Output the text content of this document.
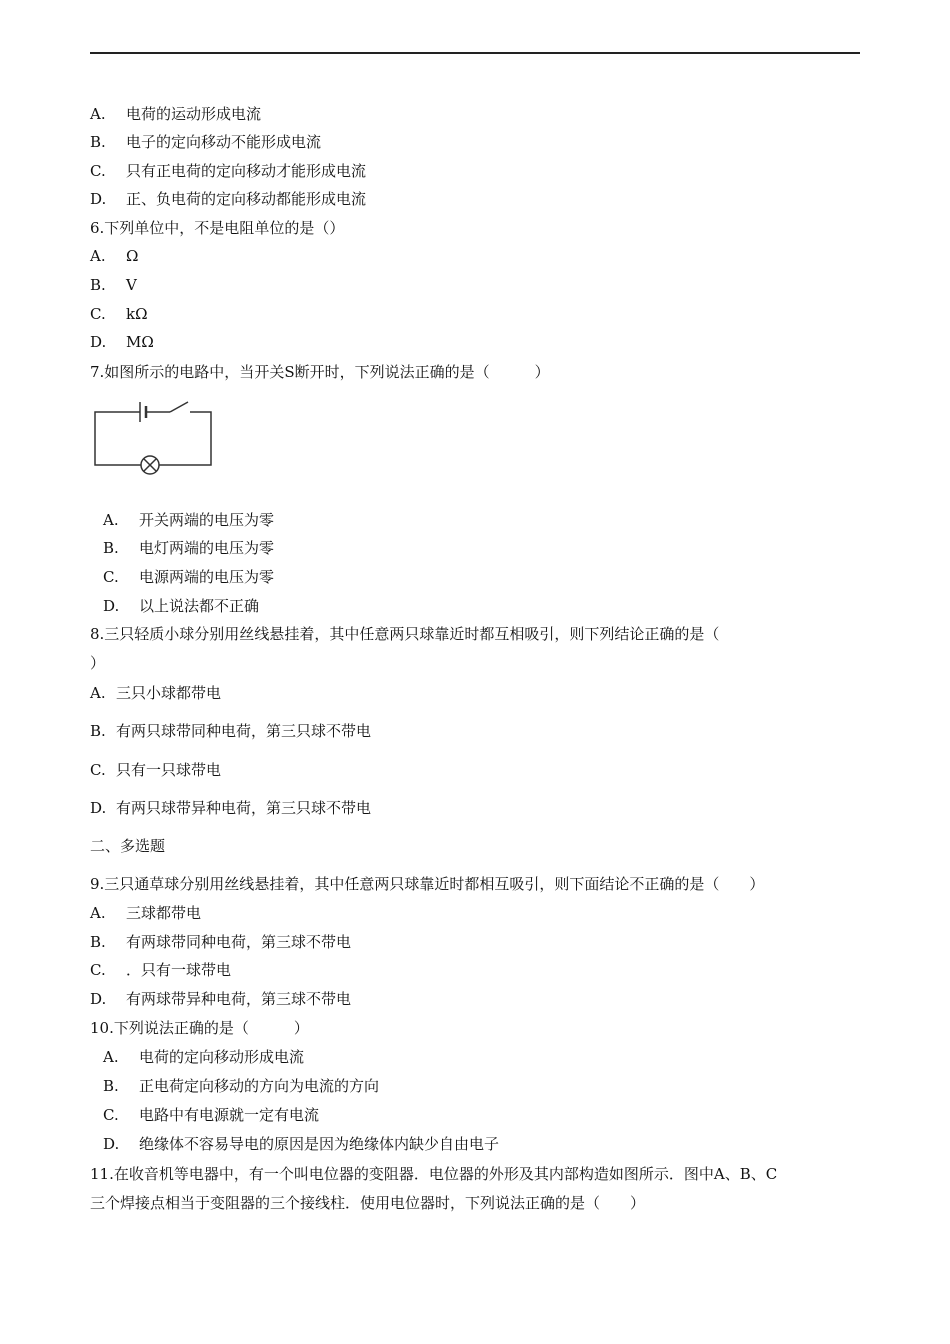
A. 电荷的运动形成电流
B. 电子的定向移动不能形成电流
C. 只有正电荷的定向移动才能形成电流
D. 正、负电荷的定向移动都能形成电流
6.下列单位中，不是电阻单位的是（）
A. Ω
B. V
C. kΩ
D. MΩ
7.如图所示的电路中，当开关S断开时，下列说法正确的是（　　　）
A. 开关两端的电压为零
B. 电灯两端的电压为零
C. 电源两端的电压为零
D. 以上说法都不正确
8.三只轻质小球分别用丝线悬挂着，其中任意两只球靠近时都互相吸引，则下列结论正确的是（
）
A. 三只小球都带电
B. 有两只球带同种电荷，第三只球不带电
C. 只有一只球带电
D. 有两只球带异种电荷，第三只球不带电
二、多选题
9.三只通草球分别用丝线悬挂着，其中任意两只球靠近时都相互吸引，则下面结论不正确的是（　　）
A. 三球都带电
B. 有两球带同种电荷，第三球不带电
C. ．只有一球带电
D. 有两球带异种电荷，第三球不带电
10.下列说法正确的是（　　　）
A. 电荷的定向移动形成电流
B. 正电荷定向移动的方向为电流的方向
C. 电路中有电源就一定有电流
D. 绝缘体不容易导电的原因是因为绝缘体内缺少自由电子
11.在收音机等电器中，有一个叫电位器的变阻器．电位器的外形及其内部构造如图所示．图中A、B、C
三个焊接点相当于变阻器的三个接线柱．使用电位器时，下列说法正确的是（　　）
